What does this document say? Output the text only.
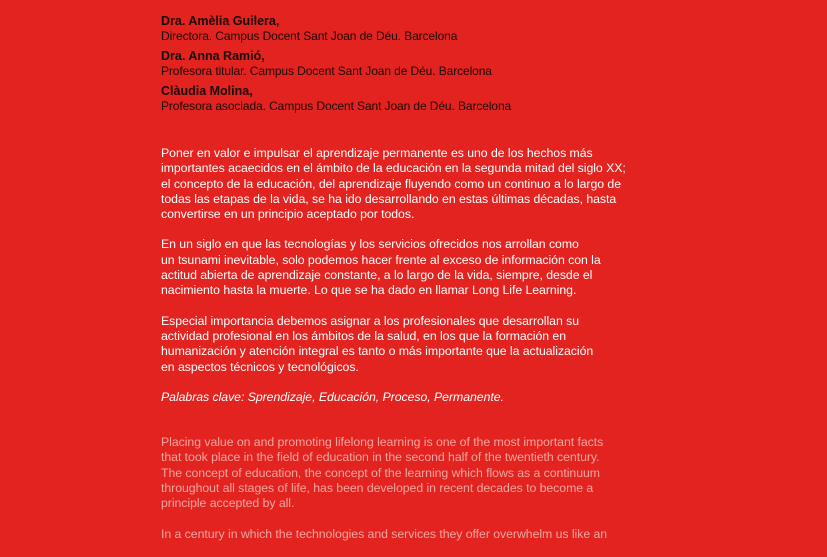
Dra. Amèlia Guilera,

Directora. Campus Docent Sant Joan de Déu. Barcelona

Dra. Anna Ramió,

Profesora titular. Campus Docent Sant Joan de Déu. Barcelona

Clàudia Molina,

Profesora asociada. Campus Docent Sant Joan de Déu. Barcelona

Poner en valor e impulsar el aprendizaje permanente es uno de los hechos más
importantes acaecidos en el ámbito de la educación en la segunda mitad del siglo XX;
el concepto de la educación, del aprendizaje fluyendo como un continuo a lo largo de
todas las etapas de la vida, se ha ido desarrollando en estas últimas décadas, hasta
convertirse en un principio aceptado por todos.

En un siglo en que las tecnologías y los servicios ofrecidos nos arrollan como
un tsunami inevitable, solo podemos hacer frente al exceso de información con la
actitud abierta de aprendizaje constante, a lo largo de la vida, siempre, desde el
nacimiento hasta la muerte. Lo que se ha dado en llamar Long Life Learning.

Especial importancia debemos asignar a los profesionales que desarrollan su
actividad profesional en los ámbitos de la salud, en los que la formación en
humanización y atención integral es tanto o más importante que la actualización
en aspectos técnicos y tecnológicos.

Palabras clave: Sprendizaje, Educación, Proceso, Permanente.

Placing value on and promoting lifelong learning is one of the most important facts
that took place in the field of education in the second half of the twentieth century.
The concept of education, the concept of the learning which flows as a continuum
throughout all stages of life, has been developed in recent decades to become a
principle accepted by all.

In a century in which the technologies and services they offer overwhelm us like an
